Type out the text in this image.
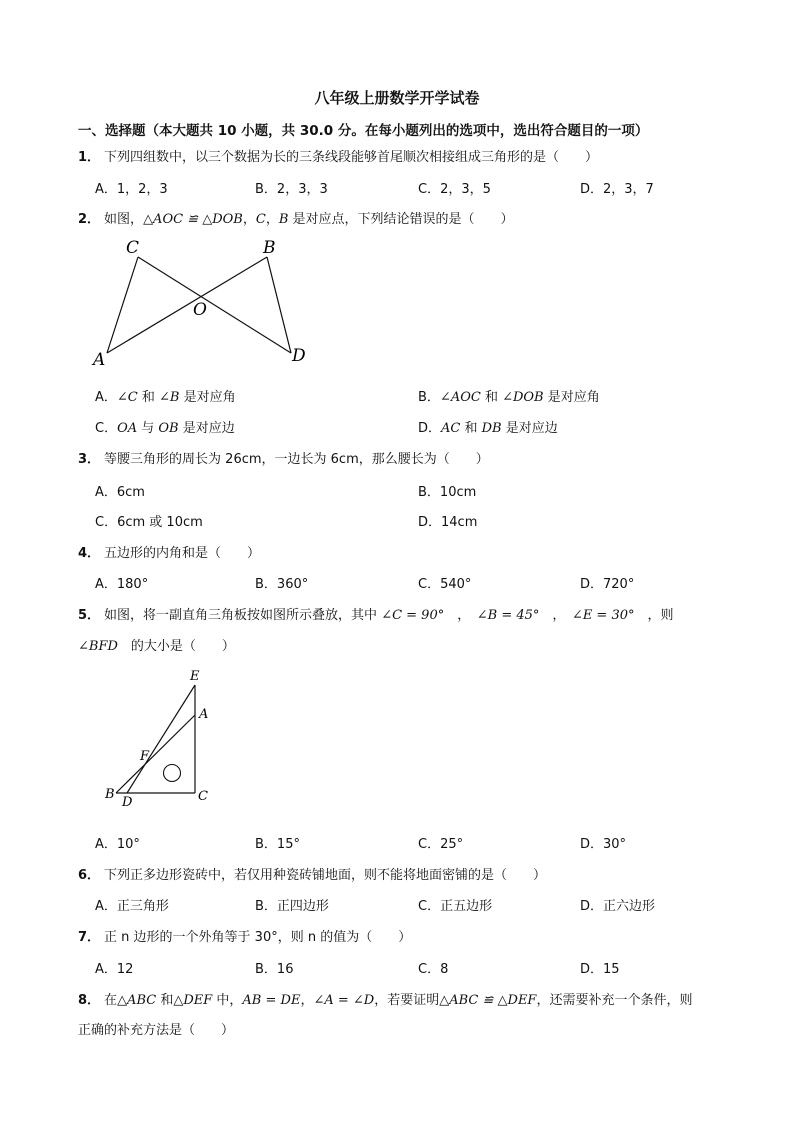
八年级上册数学开学试卷
一、选择题（本大题共 10 小题，共 30.0 分。在每小题列出的选项中，选出符合题目的一项）
1． 下列四组数中，以三个数据为长的三条线段能够首尾顺次相接组成三角形的是（　　）
A．1，2，3	B．2，3，3	C．2，3，5	D．2，3，7
2． 如图，△AOC ≌ △DOB，C，B 是对应点，下列结论错误的是（　　）
C	B
O
A	D
A．∠C 和 ∠B 是对应角	B．∠AOC 和 ∠DOB 是对应角
C．OA 与 OB 是对应边	D．AC 和 DB 是对应边
3． 等腰三角形的周长为 26cm，一边长为 6cm，那么腰长为（　　）
A．6cm	B．10cm
C．6cm 或 10cm	D．14cm
4． 五边形的内角和是（　　）
A．180°	B．360°	C．540°	D．720°
5． 如图，将一副直角三角板按如图所示叠放，其中 ∠C = 90°　，　∠B = 45°　，　∠E = 30°　，则
∠BFD　的大小是（　　）
E
A
F
B
D	C
A．10°	B．15°	C．25°	D．30°
6． 下列正多边形瓷砖中，若仅用种瓷砖铺地面，则不能将地面密铺的是（　　）
A．正三角形	B．正四边形	C．正五边形	D．正六边形
7． 正 n 边形的一个外角等于 30°，则 n 的值为（　　）
A．12	B．16	C．8	D．15
8． 在△ABC 和△DEF 中，AB = DE，∠A = ∠D，若要证明△ABC ≌ △DEF，还需要补充一个条件，则
正确的补充方法是（　　）
